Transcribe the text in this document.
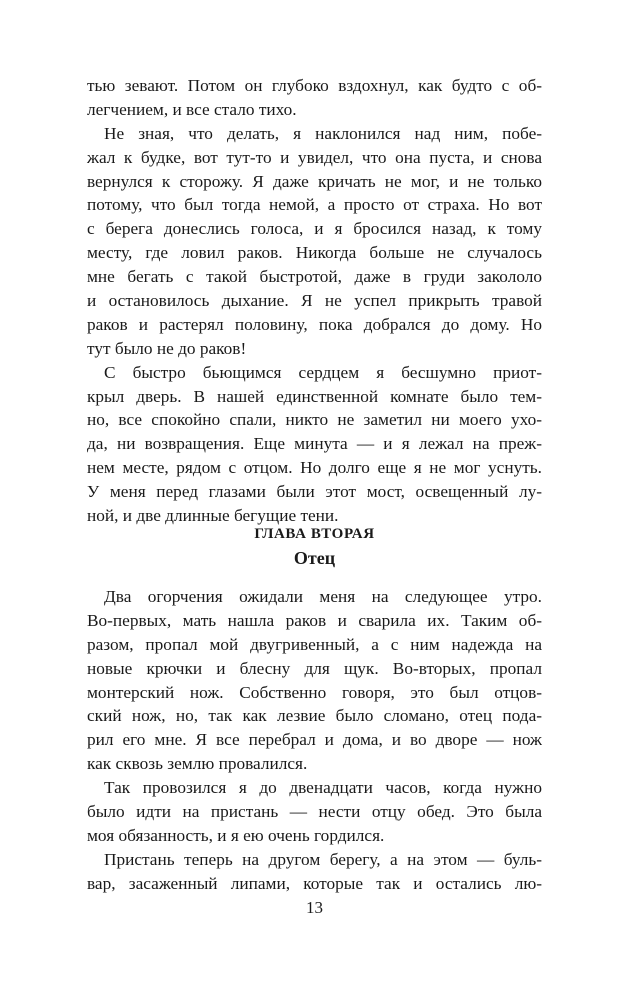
тью зевают. Потом он глубоко вздохнул, как будто с об-
легчением, и все стало тихо.
Не зная, что делать, я наклонился над ним, побе-
жал к будке, вот тут-то и увидел, что она пуста, и снова
вернулся к сторожу. Я даже кричать не мог, и не только
потому, что был тогда немой, а просто от страха. Но вот
с берега донеслись голоса, и я бросился назад, к тому
месту, где ловил раков. Никогда больше не случалось
мне бегать с такой быстротой, даже в груди закололо
и остановилось дыхание. Я не успел прикрыть травой
раков и растерял половину, пока добрался до дому. Но
тут было не до раков!
С быстро бьющимся сердцем я бесшумно приот-
крыл дверь. В нашей единственной комнате было тем-
но, все спокойно спали, никто не заметил ни моего ухо-
да, ни возвращения. Еще минута — и я лежал на преж-
нем месте, рядом с отцом. Но долго еще я не мог уснуть.
У меня перед глазами были этот мост, освещенный лу-
ной, и две длинные бегущие тени.
ГЛАВА ВТОРАЯ
Отец
Два огорчения ожидали меня на следующее утро.
Во-первых, мать нашла раков и сварила их. Таким об-
разом, пропал мой двугривенный, а с ним надежда на
новые крючки и блесну для щук. Во-вторых, пропал
монтерский нож. Собственно говоря, это был отцов-
ский нож, но, так как лезвие было сломано, отец пода-
рил его мне. Я все перебрал и дома, и во дворе — нож
как сквозь землю провалился.
Так провозился я до двенадцати часов, когда нужно
было идти на пристань — нести отцу обед. Это была
моя обязанность, и я ею очень гордился.
Пристань теперь на другом берегу, а на этом — буль-
вар, засаженный липами, которые так и остались лю-
13
